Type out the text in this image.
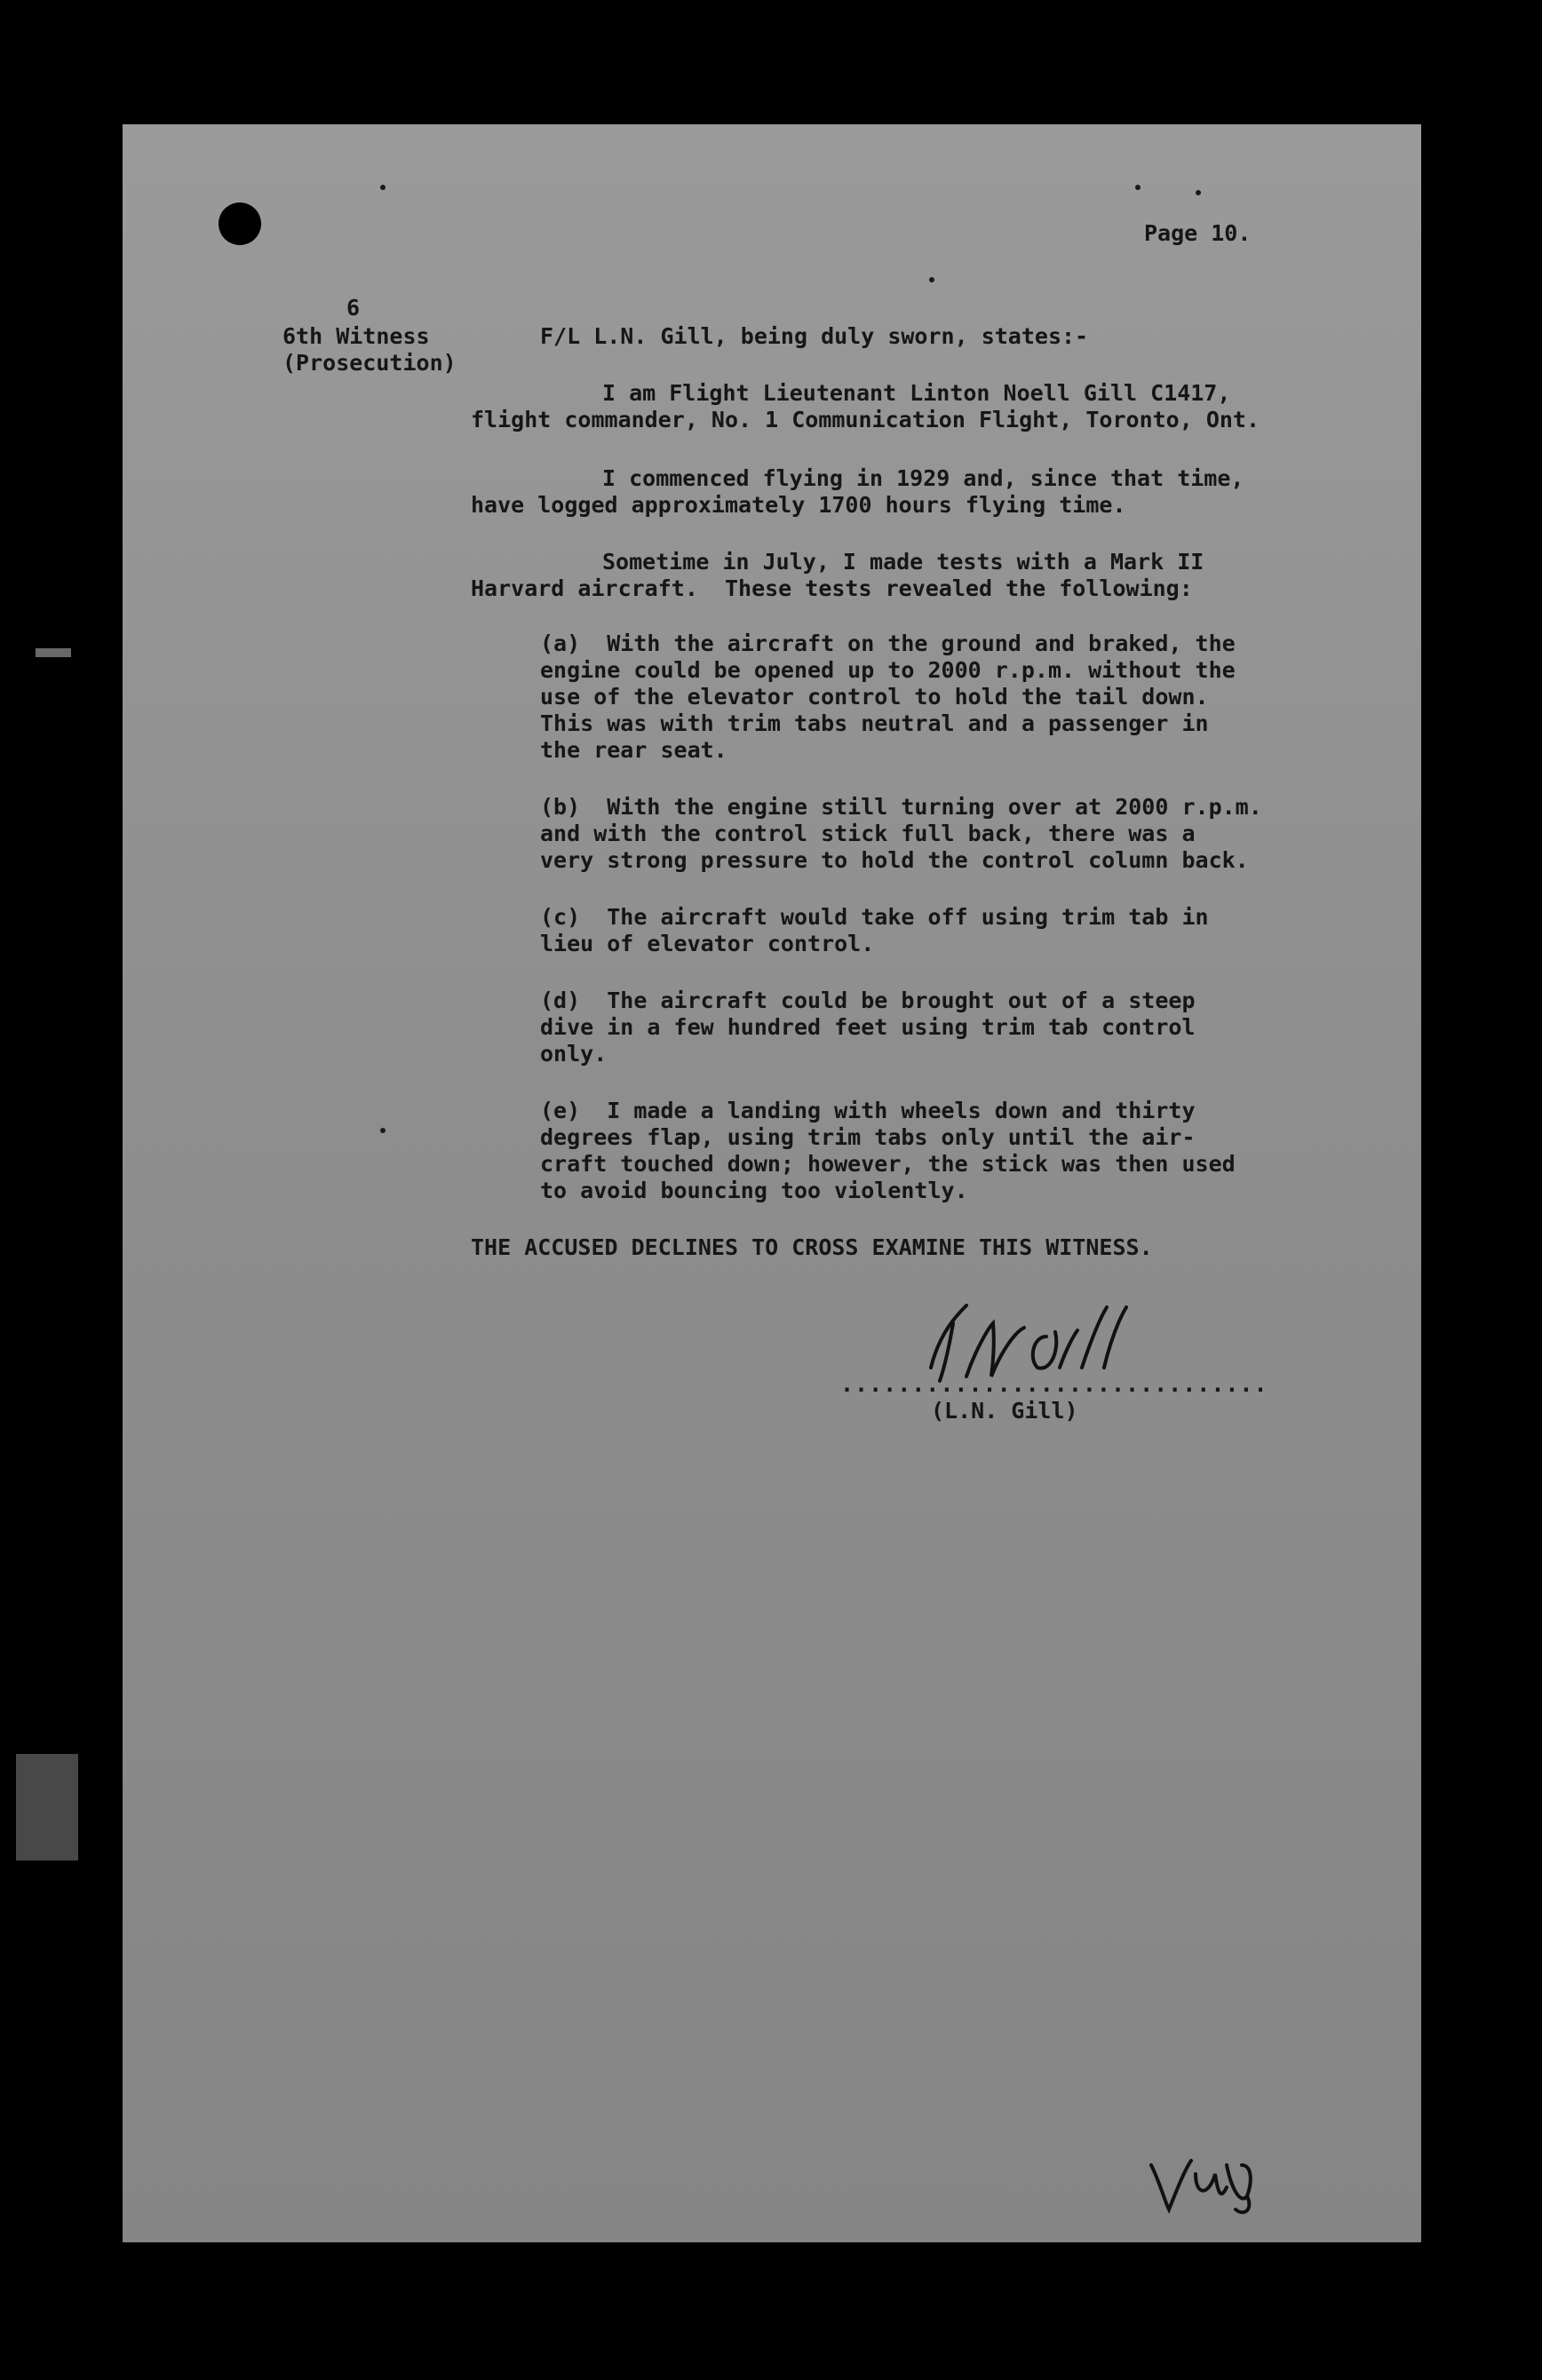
Page 10.

6

6th Witness

(Prosecution)

F/L L.N. Gill, being duly sworn, states:-

I am Flight Lieutenant Linton Noell Gill C1417,

flight commander, No. 1 Communication Flight, Toronto, Ont.

I commenced flying in 1929 and, since that time,

have logged approximately 1700 hours flying time.

Sometime in July, I made tests with a Mark II

Harvard aircraft.  These tests revealed the following:

(a)  With the aircraft on the ground and braked, the

engine could be opened up to 2000 r.p.m. without the

use of the elevator control to hold the tail down.

This was with trim tabs neutral and a passenger in

the rear seat.

(b)  With the engine still turning over at 2000 r.p.m.

and with the control stick full back, there was a

very strong pressure to hold the control column back.

(c)  The aircraft would take off using trim tab in

lieu of elevator control.

(d)  The aircraft could be brought out of a steep

dive in a few hundred feet using trim tab control

only.

(e)  I made a landing with wheels down and thirty

degrees flap, using trim tabs only until the air-

craft touched down; however, the stick was then used

to avoid bouncing too violently.

THE ACCUSED DECLINES TO CROSS EXAMINE THIS WITNESS.

..............................

(L.N. Gill)
